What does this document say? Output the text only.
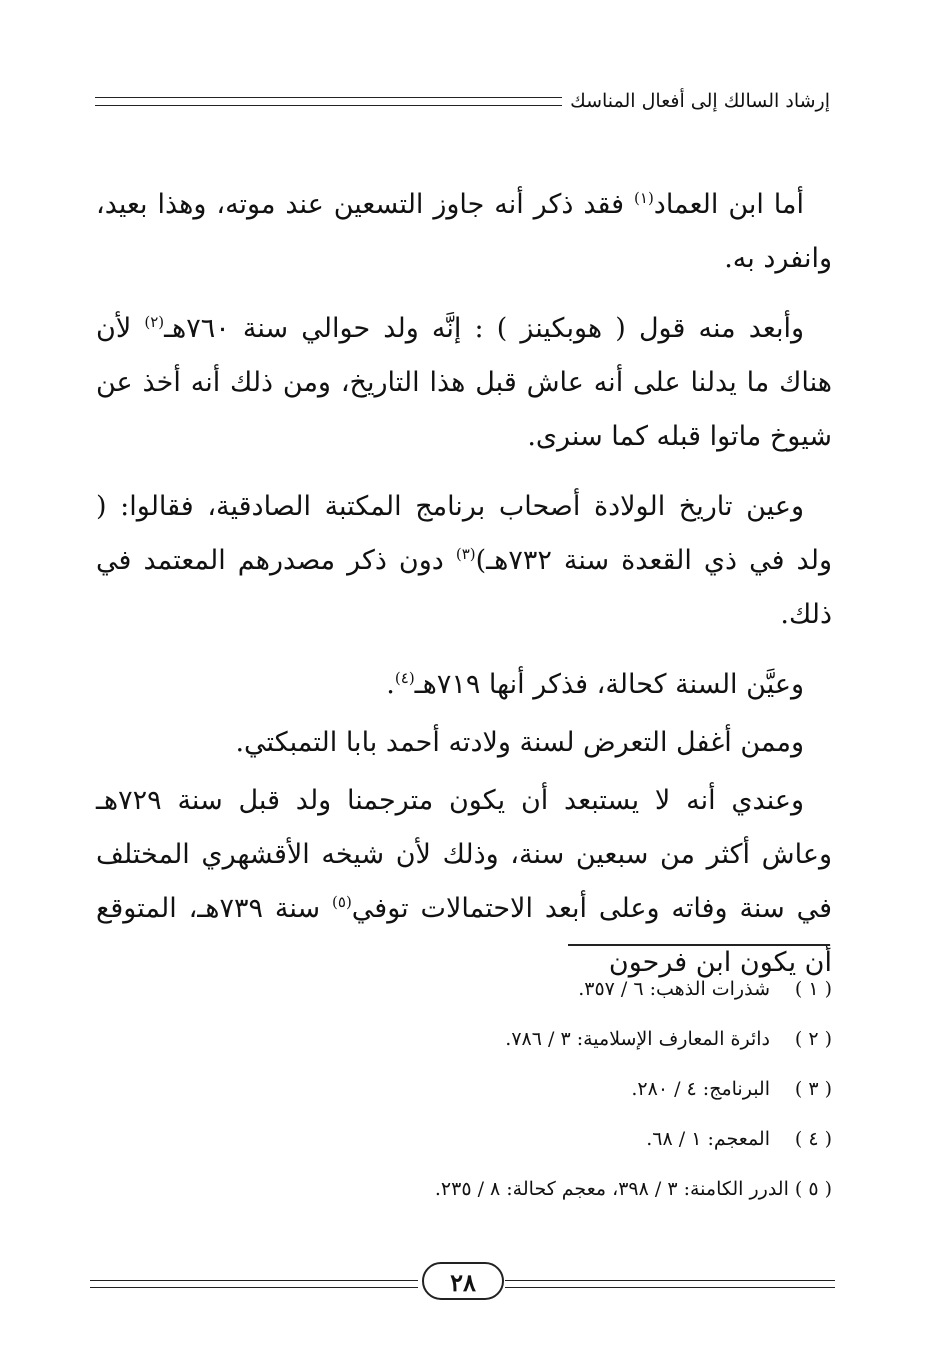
إرشاد السالك إلى أفعال المناسك

أما ابن العماد$^{(١)}$ فقد ذكر أنه جاوز التسعين عند موته، وهذا بعيد، وانفرد به.

وأبعد منه قول ( هوبكينز ) : إنَّه ولد حوالي سنة ٧٦٠هـ$^{(٢)}$ لأن هناك ما يدلنا على أنه عاش قبل هذا التاريخ، ومن ذلك أنه أخذ عن شيوخ ماتوا قبله كما سنرى.

وعين تاريخ الولادة أصحاب برنامج المكتبة الصادقية، فقالوا: ( ولد في ذي القعدة سنة ٧٣٢هـ)$^{(٣)}$ دون ذكر مصدرهم المعتمد في ذلك.

وعيَّن السنة كحالة، فذكر أنها ٧١٩هـ$^{(٤)}$.

وممن أغفل التعرض لسنة ولادته أحمد بابا التمبكتي.

وعندي أنه لا يستبعد أن يكون مترجمنا ولد قبل سنة ٧٢٩هـ وعاش أكثر من سبعين سنة، وذلك لأن شيخه الأقشهري المختلف في سنة وفاته وعلى أبعد الاحتمالات توفي$^{(٥)}$ سنة ٧٣٩هـ، المتوقع أن يكون ابن فرحون

( ١ )شذرات الذهب: ٦ / ٣٥٧.
( ٢ )دائرة المعارف الإسلامية: ٣ / ٧٨٦.
( ٣ )البرنامج: ٤ / ٢٨٠.
( ٤ )المعجم: ١ / ٦٨.
( ٥ )الدرر الكامنة: ٣ / ٣٩٨، معجم كحالة: ٨ / ٢٣٥.
٢٨
